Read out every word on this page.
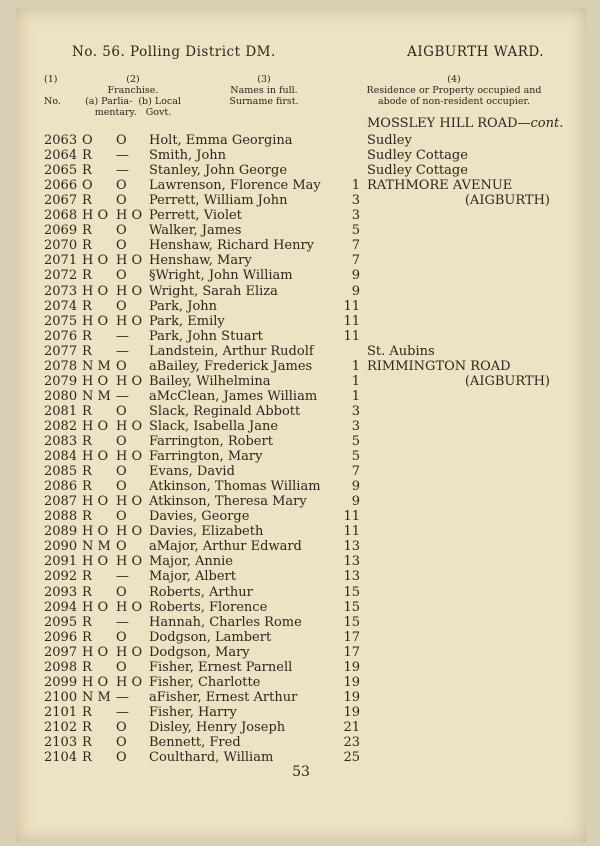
No. 56. Polling District DM.	AIGBURTH WARD.
(1)
No.
(2)
Franchise.
(a) Parlia-  (b) Local
mentary.   Govt.
(3)
Names in full.
Surname first.
(4)
Residence or Property occupied and
abode of non-resident occupier.
MOSSLEY HILL ROAD—cont.
2063 O O Holt, Emma Georgina	Sudley
2064 R — Smith, John	Sudley Cottage
2065 R — Stanley, John George	Sudley Cottage
2066 O O Lawrenson, Florence May	1 RATHMORE AVENUE
2067 R O Perrett, William John	3	(AIGBURTH)
2068 H O H O Perrett, Violet	3
2069 R O Walker, James	5
2070 R O Henshaw, Richard Henry	7
2071 H O H O Henshaw, Mary	7
2072 R O §Wright, John William	9
2073 H O H O Wright, Sarah Eliza	9
2074 R O Park, John	11
2075 H O H O Park, Emily	11
2076 R — Park, John Stuart	11
2077 R — Landstein, Arthur Rudolf	St. Aubins
2078 N M O aBailey, Frederick James	1 RIMMINGTON ROAD
2079 H O H O Bailey, Wilhelmina	1	(AIGBURTH)
2080 N M — aMcClean, James William	1
2081 R O Slack, Reginald Abbott	3
2082 H O H O Slack, Isabella Jane	3
2083 R O Farrington, Robert	5
2084 H O H O Farrington, Mary	5
2085 R O Evans, David	7
2086 R O Atkinson, Thomas William	9
2087 H O H O Atkinson, Theresa Mary	9
2088 R O Davies, George	11
2089 H O H O Davies, Elizabeth	11
2090 N M O aMajor, Arthur Edward	13
2091 H O H O Major, Annie	13
2092 R — Major, Albert	13
2093 R O Roberts, Arthur	15
2094 H O H O Roberts, Florence	15
2095 R — Hannah, Charles Rome	15
2096 R O Dodgson, Lambert	17
2097 H O H O Dodgson, Mary	17
2098 R O Fisher, Ernest Parnell	19
2099 H O H O Fisher, Charlotte	19
2100 N M — aFisher, Ernest Arthur	19
2101 R — Fisher, Harry	19
2102 R O Disley, Henry Joseph	21
2103 R O Bennett, Fred	23
2104 R O Coulthard, William	25
53
